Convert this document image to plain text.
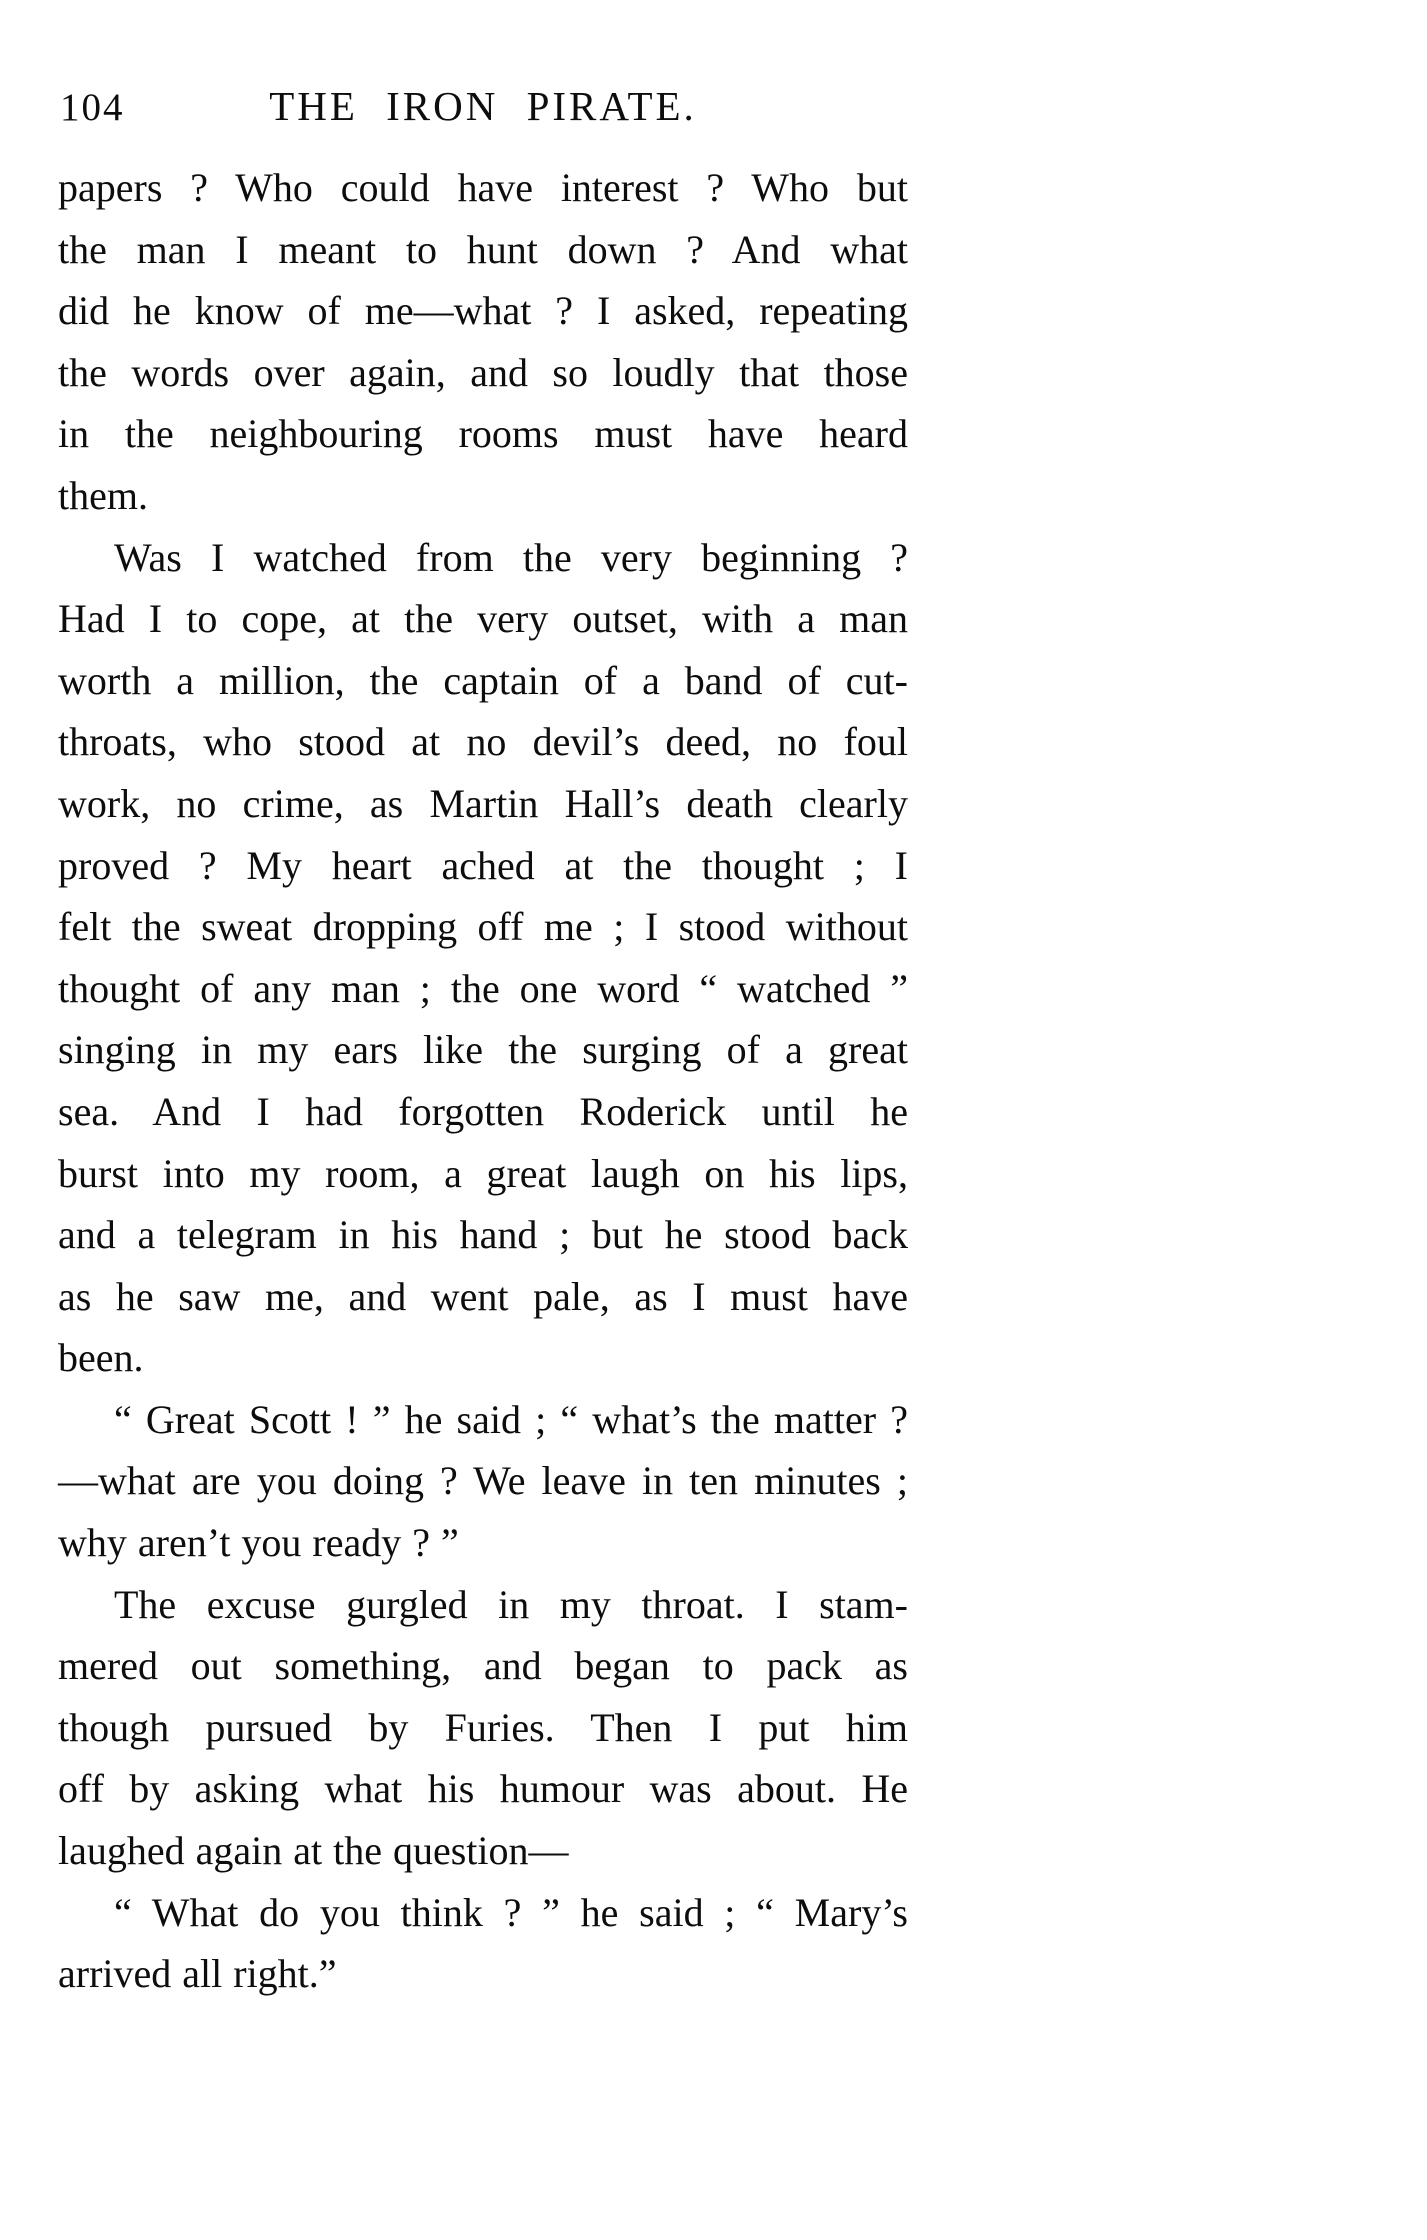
104	THE IRON PIRATE.
papers ? Who could have interest ? Who but
the man I meant to hunt down ? And what
did he know of me—what ? I asked, repeating
the words over again, and so loudly that those
in the neighbouring rooms must have heard
them.
Was I watched from the very beginning ?
Had I to cope, at the very outset, with a man
worth a million, the captain of a band of cut-
throats, who stood at no devil’s deed, no foul
work, no crime, as Martin Hall’s death clearly
proved ? My heart ached at the thought ; I
felt the sweat dropping off me ; I stood without
thought of any man ; the one word “ watched ”
singing in my ears like the surging of a great
sea. And I had forgotten Roderick until he
burst into my room, a great laugh on his lips,
and a telegram in his hand ; but he stood back
as he saw me, and went pale, as I must have
been.
“ Great Scott ! ” he said ; “ what’s the matter ?
—what are you doing ? We leave in ten minutes ;
why aren’t you ready ? ”
The excuse gurgled in my throat. I stam-
mered out something, and began to pack as
though pursued by Furies. Then I put him
off by asking what his humour was about. He
laughed again at the question—
“ What do you think ? ” he said ; “ Mary’s
arrived all right.”
